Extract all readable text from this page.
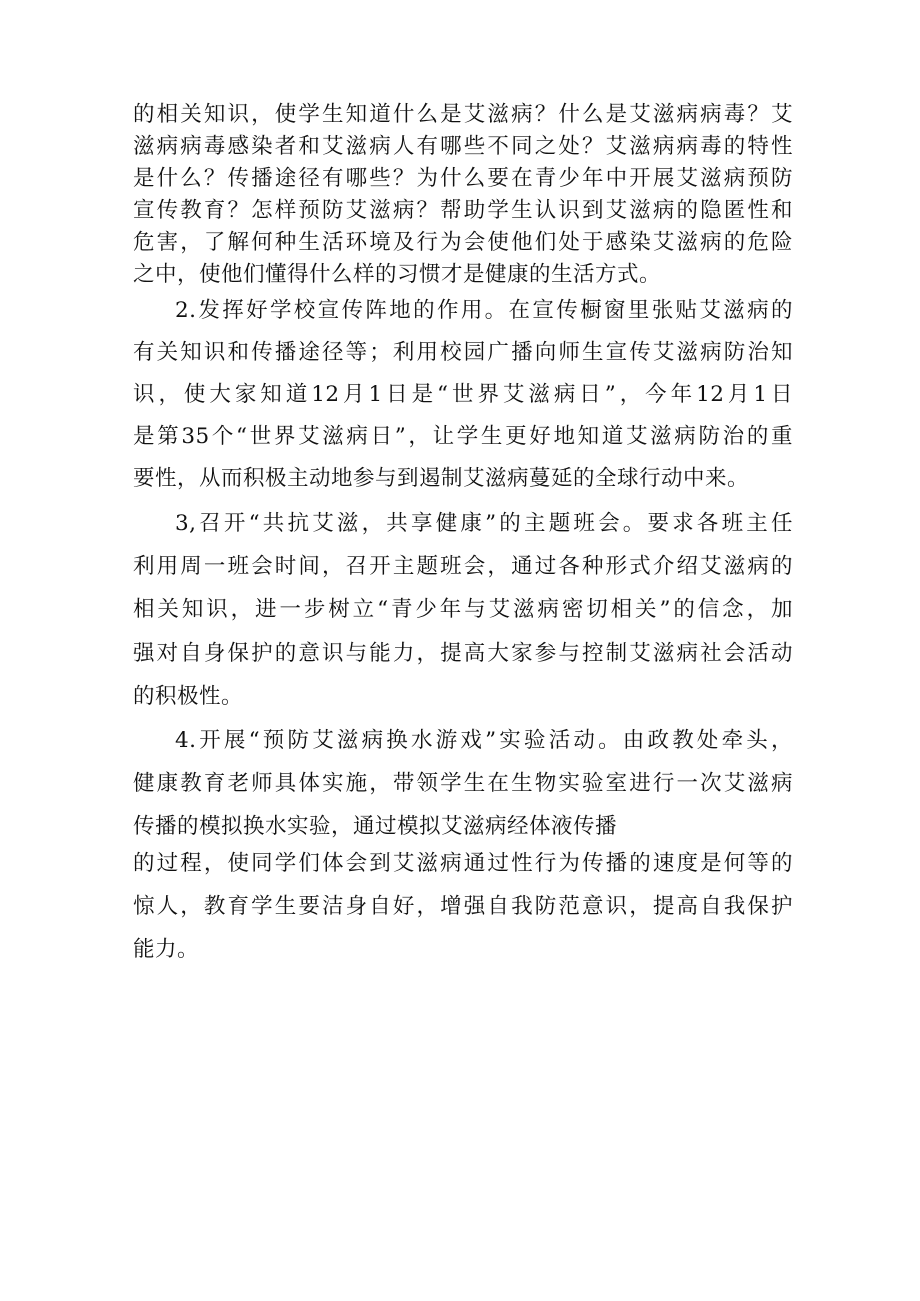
的相关知识，使学生知道什么是艾滋病？什么是艾滋病病毒？艾
滋病病毒感染者和艾滋病人有哪些不同之处？艾滋病病毒的特性
是什么？传播途径有哪些？为什么要在青少年中开展艾滋病预防
宣传教育？怎样预防艾滋病？帮助学生认识到艾滋病的隐匿性和
危害，了解何种生活环境及行为会使他们处于感染艾滋病的危险
之中，使他们懂得什么样的习惯才是健康的生活方式。
2.发挥好学校宣传阵地的作用。在宣传橱窗里张贴艾滋病的
有关知识和传播途径等；利用校园广播向师生宣传艾滋病防治知
识，使大家知道12月1日是“世界艾滋病日”，今年12月1日
是第35个“世界艾滋病日”，让学生更好地知道艾滋病防治的重
要性，从而积极主动地参与到遏制艾滋病蔓延的全球行动中来。
3,召开“共抗艾滋，共享健康”的主题班会。要求各班主任
利用周一班会时间，召开主题班会，通过各种形式介绍艾滋病的
相关知识，进一步树立“青少年与艾滋病密切相关”的信念，加
强对自身保护的意识与能力，提高大家参与控制艾滋病社会活动
的积极性。
4.开展“预防艾滋病换水游戏”实验活动。由政教处牵头，
健康教育老师具体实施，带领学生在生物实验室进行一次艾滋病
传播的模拟换水实验，通过模拟艾滋病经体液传播
的过程，使同学们体会到艾滋病通过性行为传播的速度是何等的
惊人，教育学生要洁身自好，增强自我防范意识，提高自我保护
能力。
